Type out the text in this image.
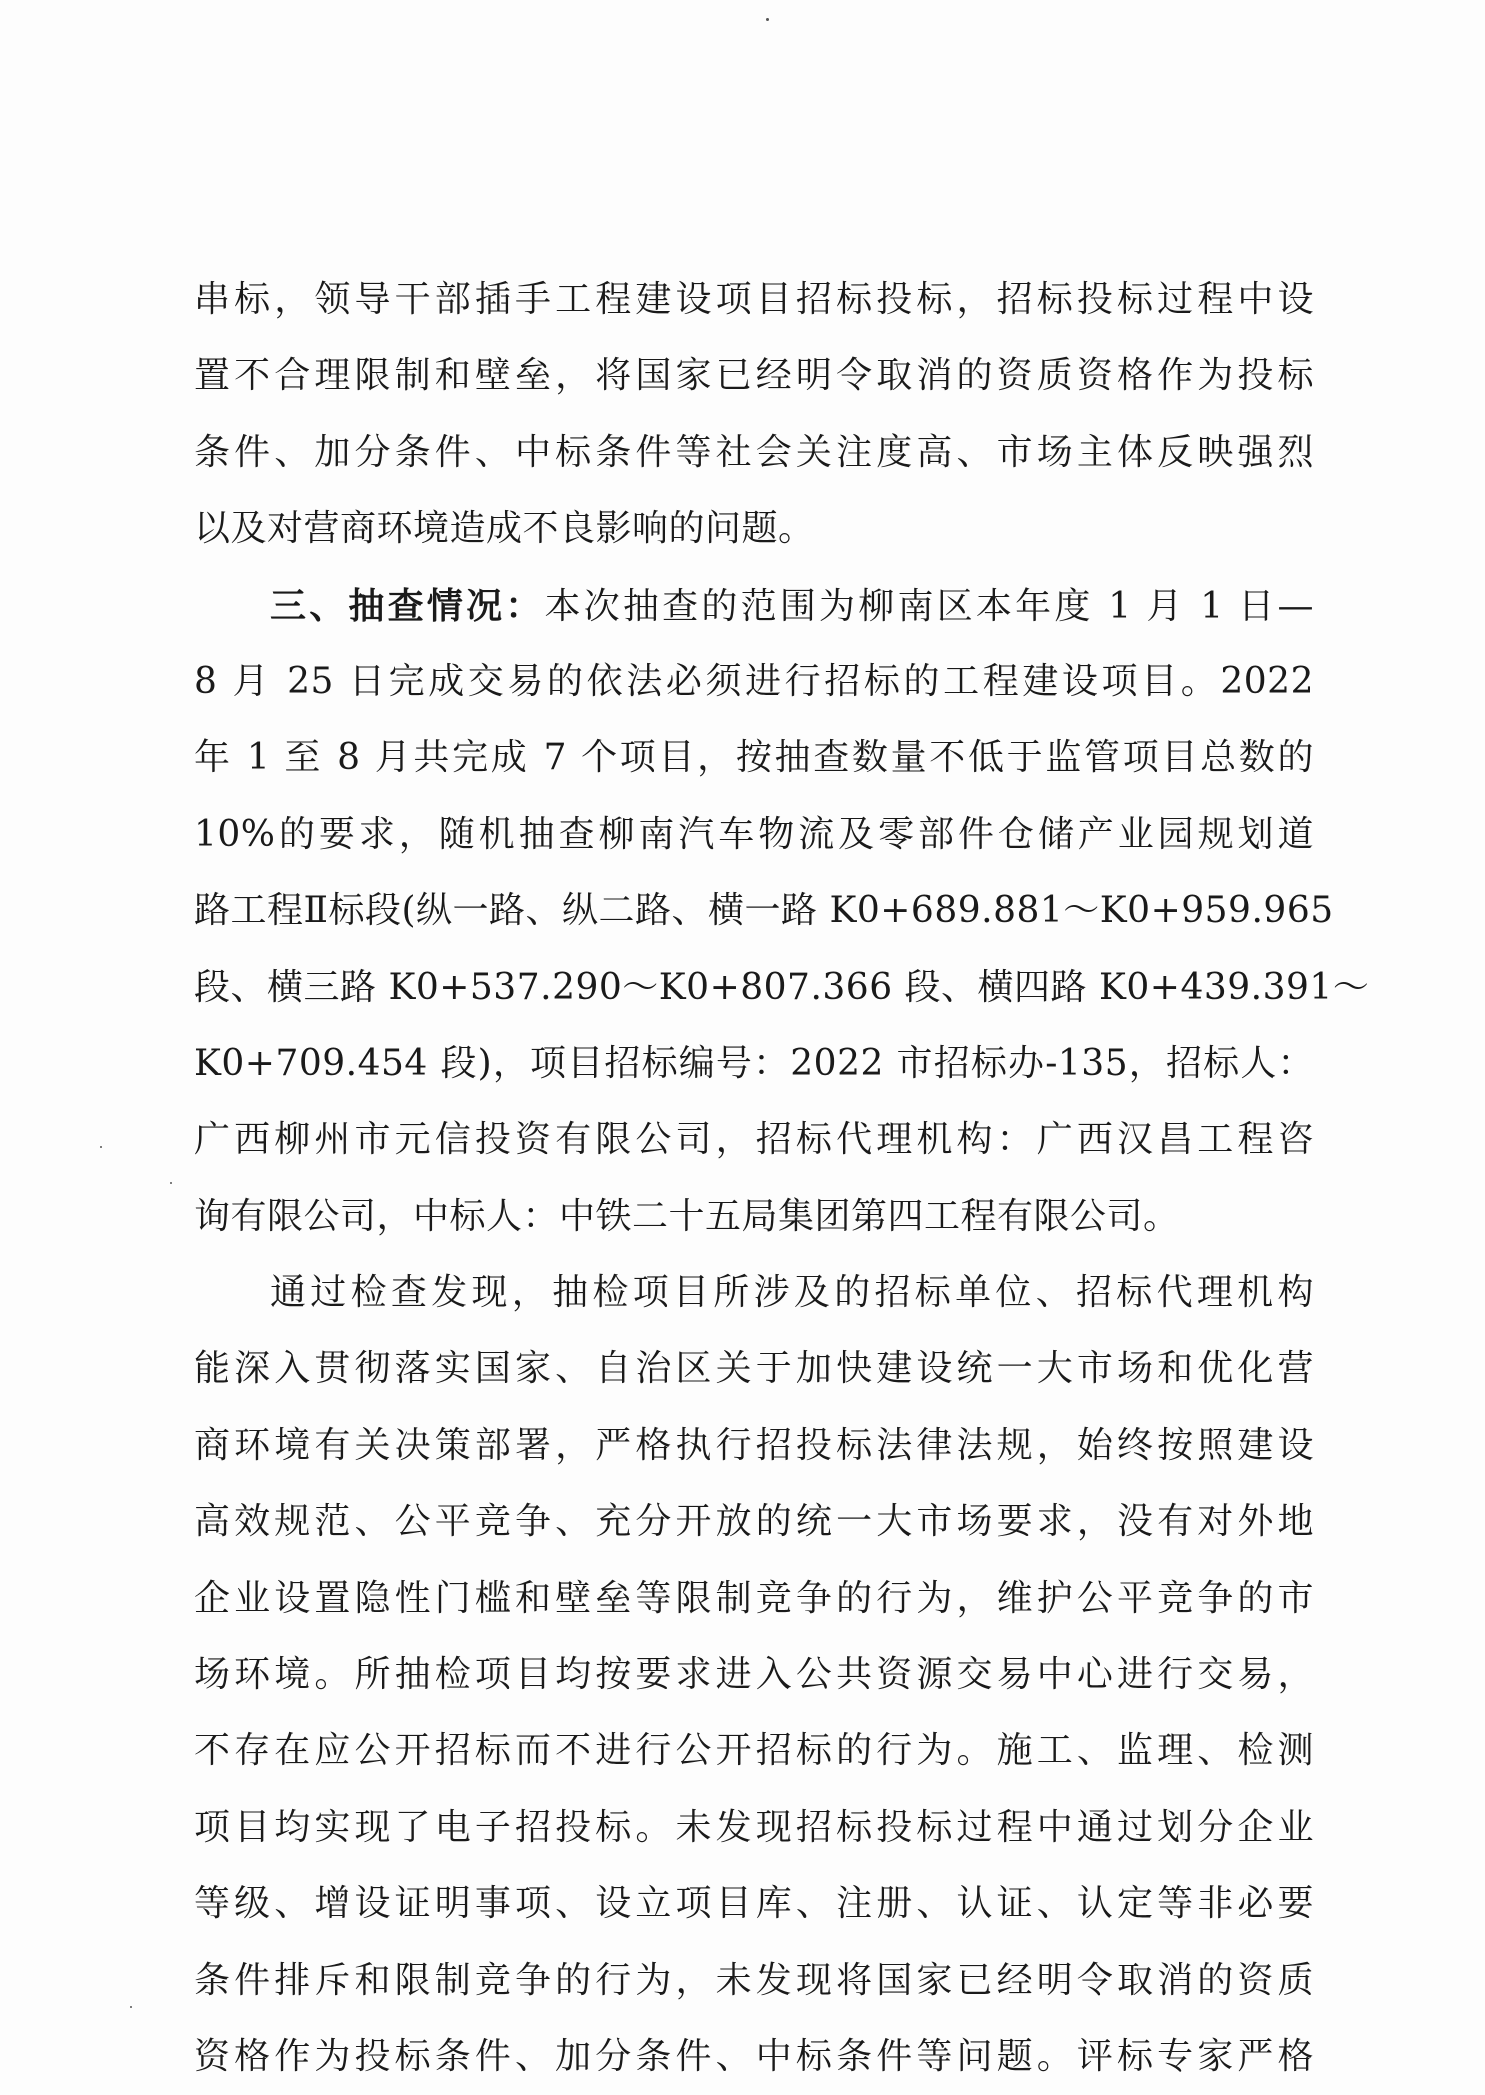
串标，领导干部插手工程建设项目招标投标，招标投标过程中设
置不合理限制和壁垒，将国家已经明令取消的资质资格作为投标
条件、加分条件、中标条件等社会关注度高、市场主体反映强烈
以及对营商环境造成不良影响的问题。
三、抽查情况：本次抽查的范围为柳南区本年度 1 月 1 日—
8 月 25 日完成交易的依法必须进行招标的工程建设项目。2022
年 1 至 8 月共完成 7 个项目，按抽查数量不低于监管项目总数的
10%的要求，随机抽查柳南汽车物流及零部件仓储产业园规划道
路工程Ⅱ标段(纵一路、纵二路、横一路 K0+689.881～K0+959.965
段、横三路 K0+537.290～K0+807.366 段、横四路 K0+439.391～
K0+709.454 段)，项目招标编号：2022 市招标办-135，招标人：
广西柳州市元信投资有限公司，招标代理机构：广西汉昌工程咨
询有限公司，中标人：中铁二十五局集团第四工程有限公司。
通过检查发现，抽检项目所涉及的招标单位、招标代理机构
能深入贯彻落实国家、自治区关于加快建设统一大市场和优化营
商环境有关决策部署，严格执行招投标法律法规，始终按照建设
高效规范、公平竞争、充分开放的统一大市场要求，没有对外地
企业设置隐性门槛和壁垒等限制竞争的行为，维护公平竞争的市
场环境。所抽检项目均按要求进入公共资源交易中心进行交易，
不存在应公开招标而不进行公开招标的行为。施工、监理、检测
项目均实现了电子招投标。未发现招标投标过程中通过划分企业
等级、增设证明事项、设立项目库、注册、认证、认定等非必要
条件排斥和限制竞争的行为，未发现将国家已经明令取消的资质
资格作为投标条件、加分条件、中标条件等问题。评标专家严格
